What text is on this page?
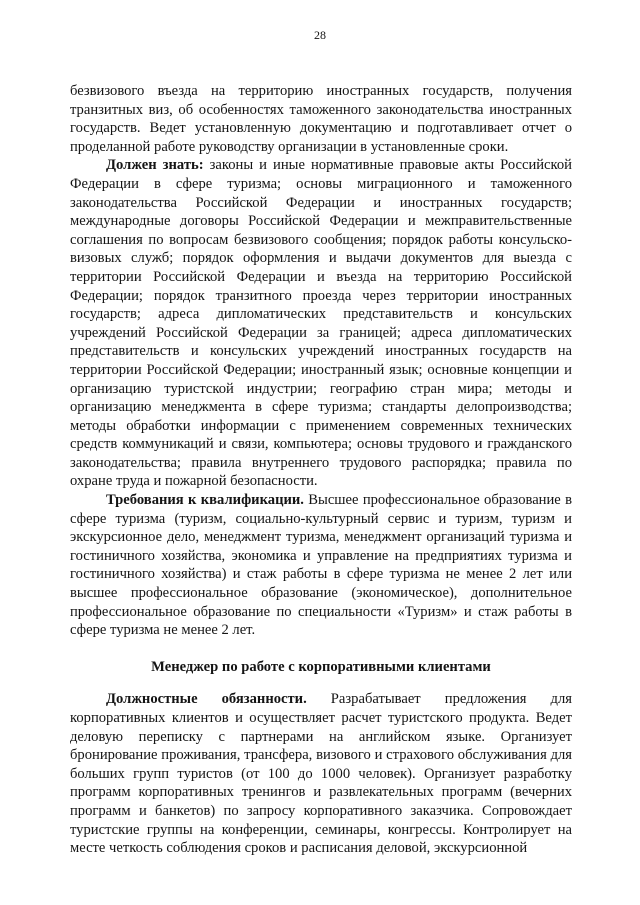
28

безвизового въезда на территорию иностранных государств, получения транзитных виз, об особенностях таможенного законодательства иностранных государств. Ведет установленную документацию и подготавливает отчет о проделанной работе руководству организации в установленные сроки.

Должен знать: законы и иные нормативные правовые акты Российской Федерации в сфере туризма; основы миграционного и таможенного законодательства Российской Федерации и иностранных государств; международные договоры Российской Федерации и межправительственные соглашения по вопросам безвизового сообщения; порядок работы консульско-визовых служб; порядок оформления и выдачи документов для выезда с территории Российской Федерации и въезда на территорию Российской Федерации; порядок транзитного проезда через территории иностранных государств; адреса дипломатических представительств и консульских учреждений Российской Федерации за границей; адреса дипломатических представительств и консульских учреждений иностранных государств на территории Российской Федерации; иностранный язык; основные концепции и организацию туристской индустрии; географию стран мира; методы и организацию менеджмента в сфере туризма; стандарты делопроизводства; методы обработки информации с применением современных технических средств коммуникаций и связи, компьютера; основы трудового и гражданского законодательства; правила внутреннего трудового распорядка; правила по охране труда и пожарной безопасности.

Требования к квалификации. Высшее профессиональное образование в сфере туризма (туризм, социально-культурный сервис и туризм, туризм и экскурсионное дело, менеджмент туризма, менеджмент организаций туризма и гостиничного хозяйства, экономика и управление на предприятиях туризма и гостиничного хозяйства) и стаж работы в сфере туризма не менее 2 лет или высшее профессиональное образование (экономическое), дополнительное профессиональное образование по специальности «Туризм» и стаж работы в сфере туризма не менее 2 лет.

Менеджер по работе с корпоративными клиентами

Должностные обязанности. Разрабатывает предложения для корпоративных клиентов и осуществляет расчет туристского продукта. Ведет деловую переписку с партнерами на английском языке. Организует бронирование проживания, трансфера, визового и страхового обслуживания для больших групп туристов (от 100 до 1000 человек). Организует разработку программ корпоративных тренингов и развлекательных программ (вечерних программ и банкетов) по запросу корпоративного заказчика. Сопровождает туристские группы на конференции, семинары, конгрессы. Контролирует на месте четкость соблюдения сроков и расписания деловой, экскурсионной
